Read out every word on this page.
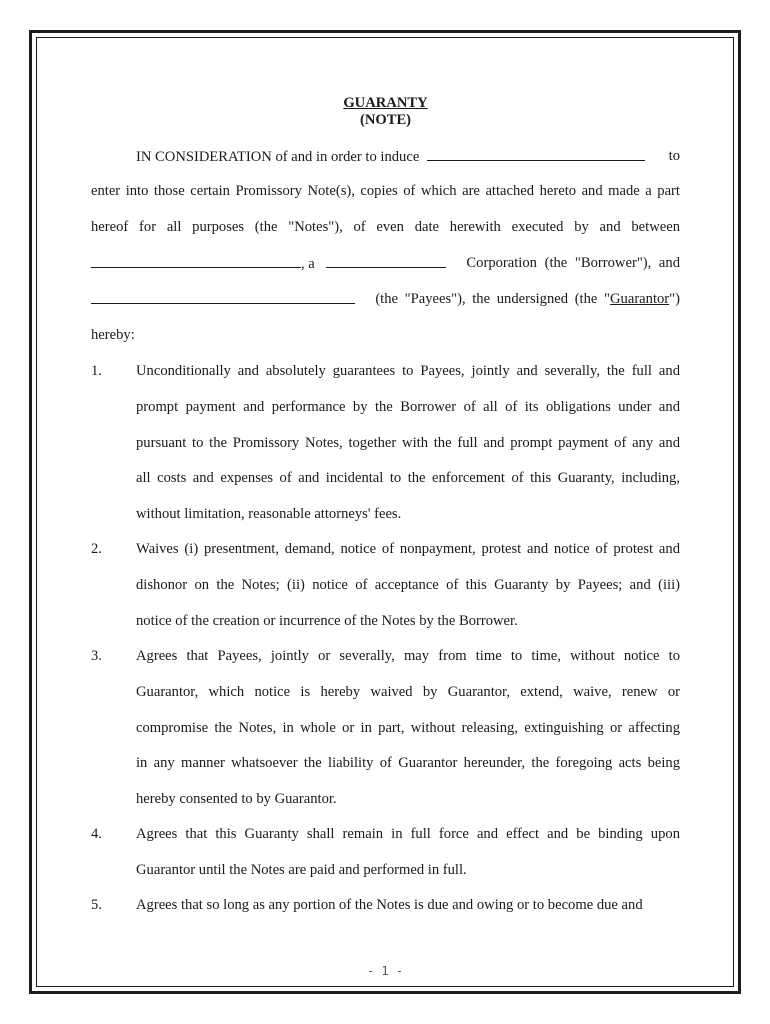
GUARANTY
(NOTE)
IN CONSIDERATION of and in order to induce	to
enter into those certain Promissory Note(s), copies of which are attached hereto and made a part
hereof for all purposes (the "Notes"), of even date herewith executed by and between
, a	Corporation (the "Borrower"), and
(the "Payees"), the undersigned (the "Guarantor")
hereby:
1.	Unconditionally and absolutely guarantees to Payees, jointly and severally, the full and
prompt payment and performance by the Borrower of all of its obligations under and
pursuant to the Promissory Notes, together with the full and prompt payment of any and
all costs and expenses of and incidental to the enforcement of this Guaranty, including,
without limitation, reasonable attorneys' fees.
2.	Waives (i) presentment, demand, notice of nonpayment, protest and notice of protest and
dishonor on the Notes; (ii) notice of acceptance of this Guaranty by Payees; and (iii)
notice of the creation or incurrence of the Notes by the Borrower.
3.	Agrees that Payees, jointly or severally, may from time to time, without notice to
Guarantor, which notice is hereby waived by Guarantor, extend, waive, renew or
compromise the Notes, in whole or in part, without releasing, extinguishing or affecting
in any manner whatsoever the liability of Guarantor hereunder, the foregoing acts being
hereby consented to by Guarantor.
4.	Agrees that this Guaranty shall remain in full force and effect and be binding upon
Guarantor until the Notes are paid and performed in full.
5.	Agrees that so long as any portion of the Notes is due and owing or to become due and
- 1 -
